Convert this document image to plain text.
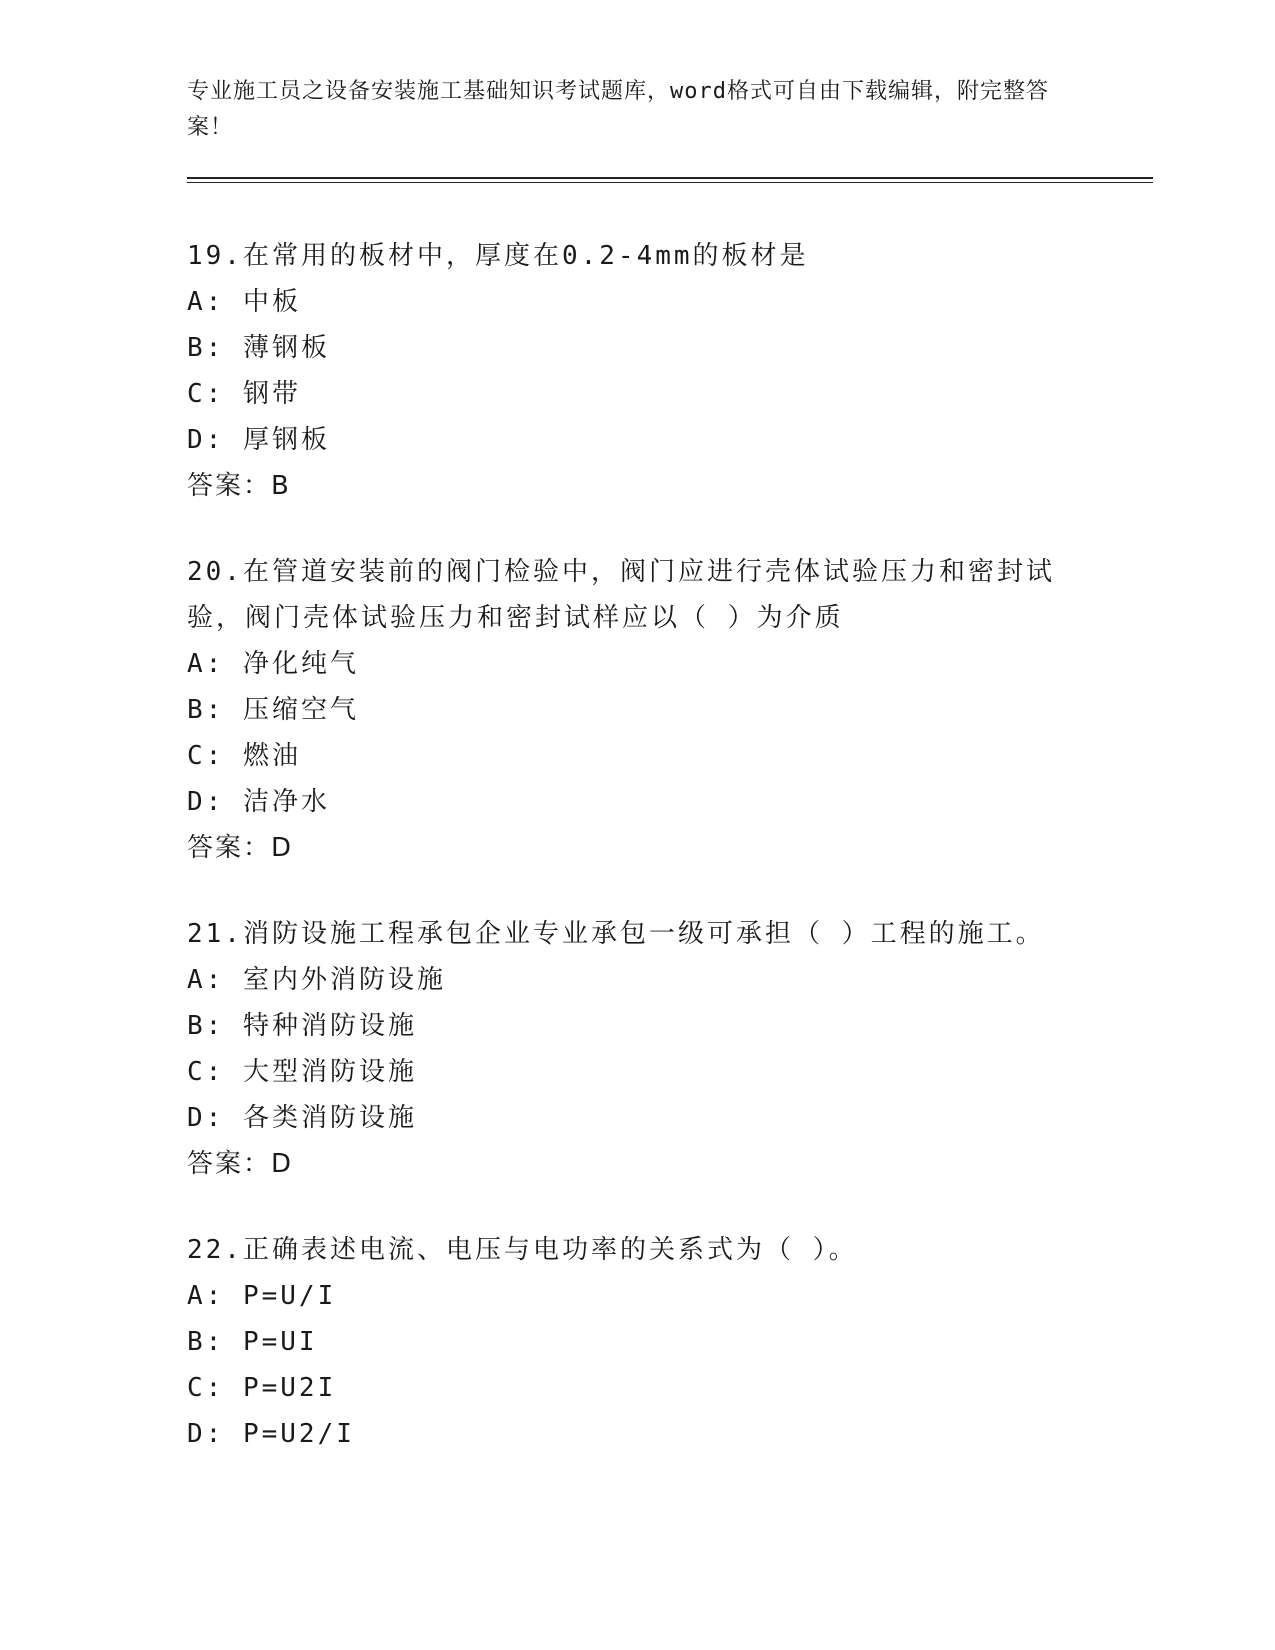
专业施工员之设备安装施工基础知识考试题库，word格式可自由下载编辑，附完整答案！

19.在常用的板材中，厚度在0.2-4mm的板材是

A: 中板

B: 薄钢板

C: 钢带

D: 厚钢板

答案：B

20.在管道安装前的阀门检验中，阀门应进行壳体试验压力和密封试验，阀门壳体试验压力和密封试样应以（ ）为介质

A: 净化纯气

B: 压缩空气

C: 燃油

D: 洁净水

答案：D

21.消防设施工程承包企业专业承包一级可承担（ ）工程的施工。

A: 室内外消防设施

B: 特种消防设施

C: 大型消防设施

D: 各类消防设施

答案：D

22.正确表述电流、电压与电功率的关系式为（ ）。

A: P=U/I

B: P=UI

C: P=U2I

D: P=U2/I
